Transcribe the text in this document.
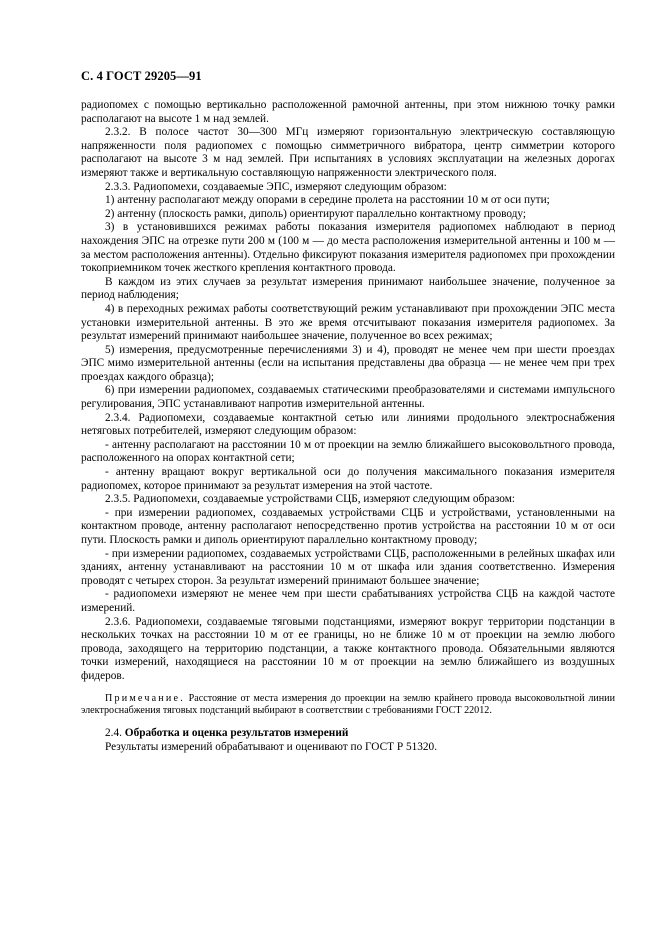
С. 4 ГОСТ 29205—91

радиопомех с помощью вертикально расположенной рамочной антенны, при этом нижнюю точку рамки располагают на высоте 1 м над землей.

2.3.2. В полосе частот 30—300 МГц измеряют горизонтальную электрическую составляющую напряженности поля радиопомех с помощью симметричного вибратора, центр симметрии которого располагают на высоте 3 м над землей. При испытаниях в условиях эксплуатации на железных дорогах измеряют также и вертикальную составляющую напряженности электрического поля.

2.3.3. Радиопомехи, создаваемые ЭПС, измеряют следующим образом:

1) антенну располагают между опорами в середине пролета на расстоянии 10 м от оси пути;

2) антенну (плоскость рамки, диполь) ориентируют параллельно контактному проводу;

3) в установившихся режимах работы показания измерителя радиопомех наблюдают в период нахождения ЭПС на отрезке пути 200 м (100 м — до места расположения измерительной антенны и 100 м — за местом расположения антенны). Отдельно фиксируют показания измерителя радиопомех при прохождении токоприемником точек жесткого крепления контактного провода.

В каждом из этих случаев за результат измерения принимают наибольшее значение, полученное за период наблюдения;

4) в переходных режимах работы соответствующий режим устанавливают при прохождении ЭПС места установки измерительной антенны. В это же время отсчитывают показания измерителя радиопомех. За результат измерений принимают наибольшее значение, полученное во всех режимах;

5) измерения, предусмотренные перечислениями 3) и 4), проводят не менее чем при шести проездах ЭПС мимо измерительной антенны (если на испытания представлены два образца — не менее чем при трех проездах каждого образца);

6) при измерении радиопомех, создаваемых статическими преобразователями и системами импульсного регулирования, ЭПС устанавливают напротив измерительной антенны.

2.3.4. Радиопомехи, создаваемые контактной сетью или линиями продольного электроснабжения нетяговых потребителей, измеряют следующим образом:

- антенну располагают на расстоянии 10 м от проекции на землю ближайшего высоковольтного провода, расположенного на опорах контактной сети;

- антенну вращают вокруг вертикальной оси до получения максимального показания измерителя радиопомех, которое принимают за результат измерения на этой частоте.

2.3.5. Радиопомехи, создаваемые устройствами СЦБ, измеряют следующим образом:

- при измерении радиопомех, создаваемых устройствами СЦБ и устройствами, установленными на контактном проводе, антенну располагают непосредственно против устройства на расстоянии 10 м от оси пути. Плоскость рамки и диполь ориентируют параллельно контактному проводу;

- при измерении радиопомех, создаваемых устройствами СЦБ, расположенными в релейных шкафах или зданиях, антенну устанавливают на расстоянии 10 м от шкафа или здания соответственно. Измерения проводят с четырех сторон. За результат измерений принимают большее значение;

- радиопомехи измеряют не менее чем при шести срабатываниях устройства СЦБ на каждой частоте измерений.

2.3.6. Радиопомехи, создаваемые тяговыми подстанциями, измеряют вокруг территории подстанции в нескольких точках на расстоянии 10 м от ее границы, но не ближе 10 м от проекции на землю любого провода, заходящего на территорию подстанции, а также контактного провода. Обязательными являются точки измерений, находящиеся на расстоянии 10 м от проекции на землю ближайшего из воздушных фидеров.

Примечание. Расстояние от места измерения до проекции на землю крайнего провода высоковольтной линии электроснабжения тяговых подстанций выбирают в соответствии с требованиями ГОСТ 22012.

2.4. Обработка и оценка результатов измерений

Результаты измерений обрабатывают и оценивают по ГОСТ Р 51320.
